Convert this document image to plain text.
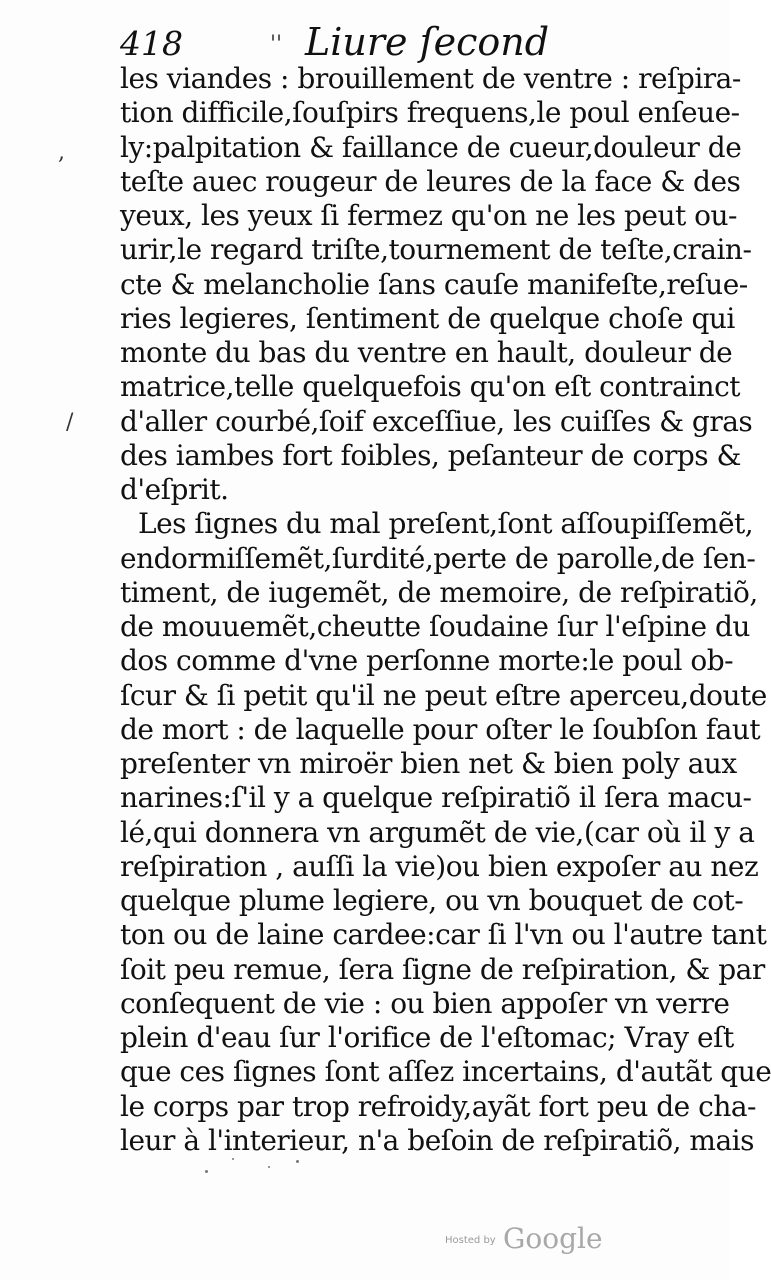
418	'' Liure ſecond
,
/
les viandes : brouillement de ventre : reſpira-
tion difficile,ſouſpirs frequens,le poul enſeue-
ly:palpitation & faillance de cueur,douleur de
teſte auec rougeur de leures de la face & des
yeux, les yeux ſi fermez qu'on ne les peut ou-
urir,le regard triſte,tournement de teſte,crain-
cte & melancholie ſans cauſe manifeſte,reſue-
ries legieres, ſentiment de quelque choſe qui
monte du bas du ventre en hault, douleur de
matrice,telle quelquefois qu'on eſt contrainct
d'aller courbé,ſoif exceſſiue, les cuiſſes & gras
des iambes fort foibles, peſanteur de corps &
d'eſprit.
Les ſignes du mal preſent,ſont aſſoupiſſemẽt,
endormiſſemẽt,ſurdité,perte de parolle,de ſen-
timent, de iugemẽt, de memoire, de reſpiratiõ,
de mouuemẽt,cheutte ſoudaine ſur l'eſpine du
dos comme d'vne perſonne morte:le poul ob-
ſcur & ſi petit qu'il ne peut eſtre aperceu,doute
de mort : de laquelle pour oſter le ſoubſon faut
preſenter vn miroër bien net & bien poly aux
narines:ſ'il y a quelque reſpiratiõ il ſera macu-
lé,qui donnera vn argumẽt de vie,(car où il y a
reſpiration , auſſi la vie)ou bien expoſer au nez
quelque plume legiere, ou vn bouquet de cot-
ton ou de laine cardee:car ſi l'vn ou l'autre tant
ſoit peu remue, ſera ſigne de reſpiration, & par
conſequent de vie : ou bien appoſer vn verre
plein d'eau ſur l'orifice de l'eſtomac; Vray eſt
que ces ſignes ſont aſſez incertains, d'autãt que
le corps par trop refroidy,ayãt fort peu de cha-
leur à l'interieur, n'a beſoin de reſpiratiõ, mais
Hosted by Google
